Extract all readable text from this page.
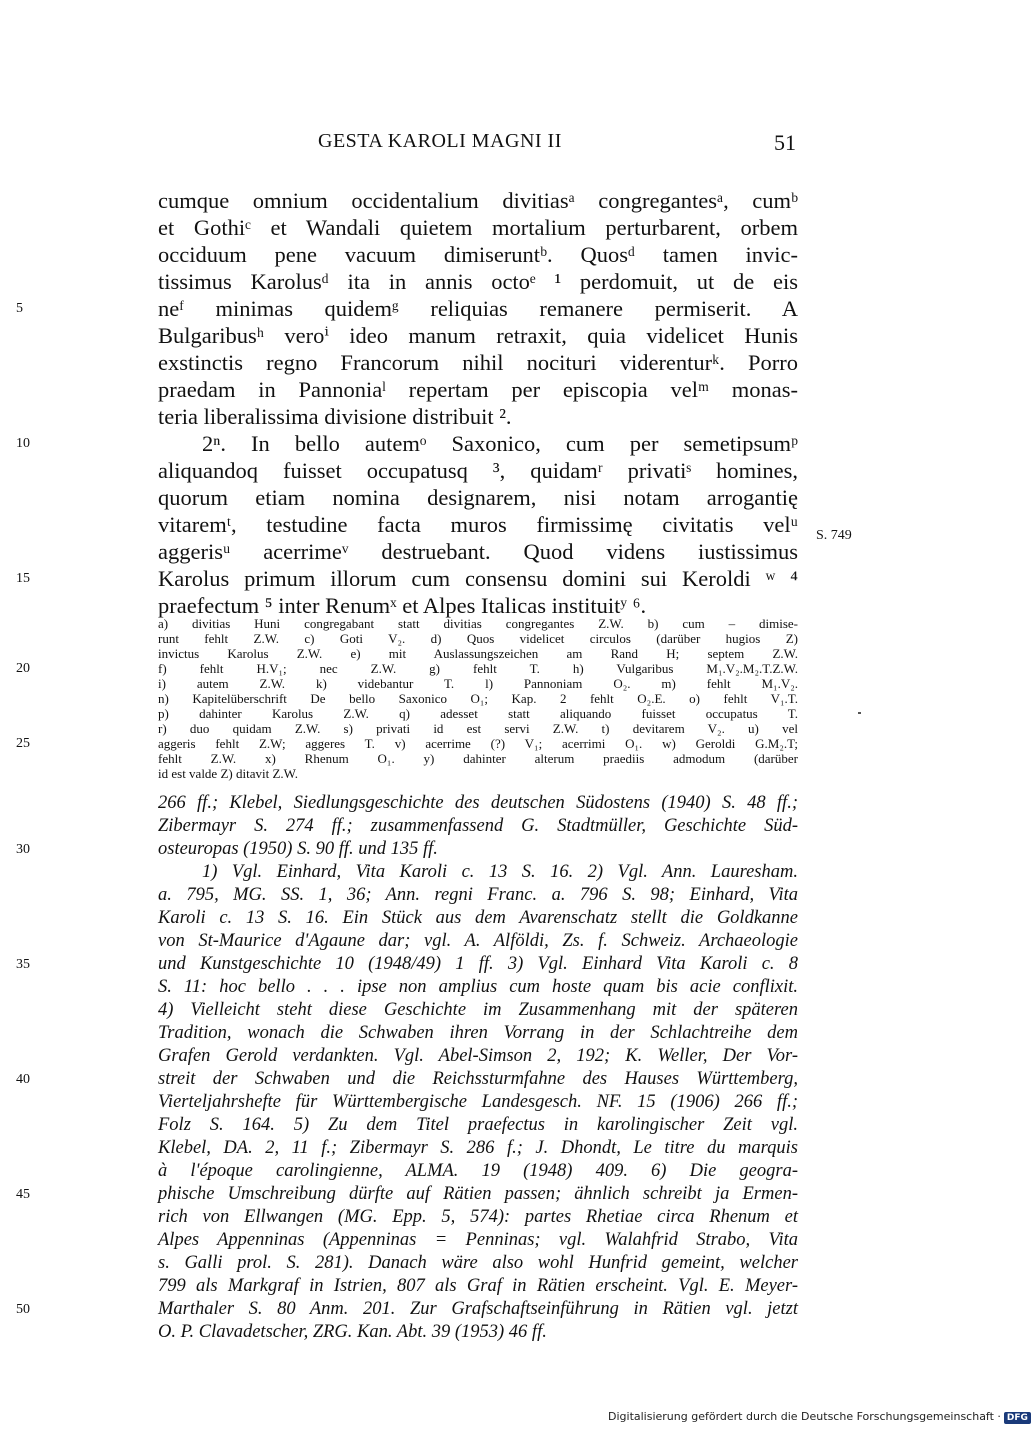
GESTA KAROLI MAGNI II	51
cumque omnium occidentalium divitiasᵃ congregantesᵃ, cumᵇ
et Gothiᶜ et Wandali quietem mortalium perturbarent, orbem
occiduum pene vacuum dimiseruntᵇ. Quosᵈ tamen invic-
tissimus Karolusᵈ ita in annis octoᵉ ¹ perdomuit, ut de eis
5	neᶠ minimas quidemᵍ reliquias remanere permiserit. A
Bulgaribusʰ veroⁱ ideo manum retraxit, quia videlicet Hunis
exstinctis regno Francorum nihil nocituri viderenturᵏ. Porro
praedam in Pannoniaˡ repertam per episcopia velᵐ monas-
teria liberalissima divisione distribuit ².
10	2ⁿ. In bello autemᵒ Saxonico, cum per semetipsumᵖ
aliquandoq fuisset occupatusq ³, quidamʳ privatiˢ homines,
quorum etiam nomina designarem, nisi notam arrogantię
vitaremᵗ, testudine facta muros firmissimę civitatis velᵘ
aggerisᵘ acerrimeᵛ destruebant. Quod videns iustissimus
15	Karolus primum illorum cum consensu domini sui Keroldi ʷ ⁴
praefectum ⁵ inter Renumˣ et Alpes Italicas instituitʸ ⁶.
S. 749
a) divitias Huni congregabant statt divitias congregantes Z.W. b) cum – dimise-
runt fehlt Z.W. c) Goti V₂. d) Quos videlicet circulos (darüber hugios Z)
invictus Karolus Z.W. e) mit Auslassungszeichen am Rand H; septem Z.W.
20	f) fehlt H.V₁; nec Z.W. g) fehlt T. h) Vulgaribus M₁.V₂.M₂.T.Z.W.
i) autem Z.W. k) videbantur T. l) Pannoniam O₂. m) fehlt M₁.V₂.
n) Kapitelüberschrift De bello Saxonico O₁; Kap. 2 fehlt O₂.E. o) fehlt V₁.T.
p) dahinter Karolus Z.W. q) adesset statt aliquando fuisset occupatus T.
r) duo quidam Z.W. s) privati id est servi Z.W. t) devitarem V₂. u) vel
25	aggeris fehlt Z.W; aggeres T. v) acerrime (?) V₁; acerrimi O₁. w) Geroldi G.M₂.T;
fehlt Z.W. x) Rhenum O₁. y) dahinter alterum praediis admodum (darüber
id est valde Z) ditavit Z.W.
266 ff.; Klebel, Siedlungsgeschichte des deutschen Südostens (1940) S. 48 ff.;
Zibermayr S. 274 ff.; zusammenfassend G. Stadtmüller, Geschichte Süd-
30	osteuropas (1950) S. 90 ff. und 135 ff.
1) Vgl. Einhard, Vita Karoli c. 13 S. 16. 2) Vgl. Ann. Lauresham.
a. 795, MG. SS. 1, 36; Ann. regni Franc. a. 796 S. 98; Einhard, Vita
Karoli c. 13 S. 16. Ein Stück aus dem Avarenschatz stellt die Goldkanne
von St-Maurice d'Agaune dar; vgl. A. Alföldi, Zs. f. Schweiz. Archaeologie
35	und Kunstgeschichte 10 (1948/49) 1 ff. 3) Vgl. Einhard Vita Karoli c. 8
S. 11: hoc bello . . . ipse non amplius cum hoste quam bis acie conflixit.
4) Vielleicht steht diese Geschichte im Zusammenhang mit der späteren
Tradition, wonach die Schwaben ihren Vorrang in der Schlachtreihe dem
Grafen Gerold verdankten. Vgl. Abel-Simson 2, 192; K. Weller, Der Vor-
40	streit der Schwaben und die Reichssturmfahne des Hauses Württemberg,
Vierteljahrshefte für Württembergische Landesgesch. NF. 15 (1906) 266 ff.;
Folz S. 164. 5) Zu dem Titel praefectus in karolingischer Zeit vgl.
Klebel, DA. 2, 11 f.; Zibermayr S. 286 f.; J. Dhondt, Le titre du marquis
à l'époque carolingienne, ALMA. 19 (1948) 409. 6) Die geogra-
45	phische Umschreibung dürfte auf Rätien passen; ähnlich schreibt ja Ermen-
rich von Ellwangen (MG. Epp. 5, 574): partes Rhetiae circa Rhenum et
Alpes Appenninas (Appenninas = Penninas; vgl. Walahfrid Strabo, Vita
s. Galli prol. S. 281). Danach wäre also wohl Hunfrid gemeint, welcher
799 als Markgraf in Istrien, 807 als Graf in Rätien erscheint. Vgl. E. Meyer-
50	Marthaler S. 80 Anm. 201. Zur Grafschaftseinführung in Rätien vgl. jetzt
O. P. Clavadetscher, ZRG. Kan. Abt. 39 (1953) 46 ff.
Digitalisierung gefördert durch die Deutsche Forschungsgemeinschaft · DFG
